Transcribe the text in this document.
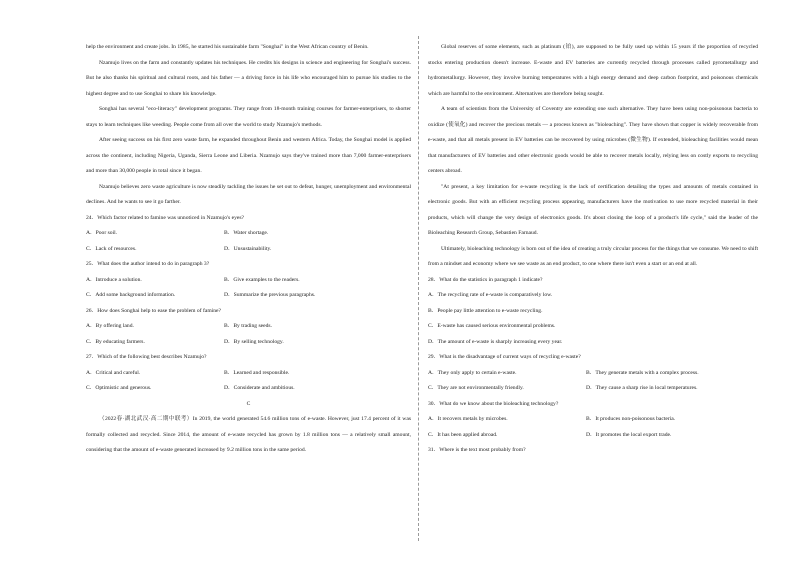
help the environment and create jobs. In 1985, he started his sustainable farm "Songhai" in the West African country of Benin.

Nzamujo lives on the farm and constantly updates his techniques. He credits his designs in science and engineering for Songhai's success. But he also thanks his spiritual and cultural roots, and his father — a driving force in his life who encouraged him to pursue his studies to the highest degree and to use Songhai to share his knowledge.

Songhai has several "eco-literacy" development programs. They range from 18-month training courses for farmer-enterprisers, to shorter stays to learn techniques like weeding. People come from all over the world to study Nzamujo's methods.

After seeing success on his first zero waste farm, he expanded throughout Benin and western Africa. Today, the Songhai model is applied across the continent, including Nigeria, Uganda, Sierra Leone and Liberia. Nzamujo says they've trained more than 7,000 farmer-enterprisers and more than 30,000 people in total since it began.

Nzamujo believes zero waste agriculture is now steadily tackling the issues he set out to defeat, hunger, unemployment and environmental declines. And he wants to see it go farther.

24．Which factor related to famine was unnoticed in Nzamujo's eyes?

A．Poor soil.	B．Water shortage.
C．Lack of resources.	D．Unsustainability.

25．What does the author intend to do in paragraph 3?

A．Introduce a solution.	B．Give examples to the readers.
C．Add some background information.	D．Summarize the previous paragraphs.

26．How does Songhai help to ease the problem of famine?

A．By offering land.	B．By trading seeds.
C．By educating farmers.	D．By selling technology.

27．Which of the following best describes Nzamujo?

A．Critical and careful.	B．Learned and responsible.
C．Optimistic and generous.	D．Considerate and ambitious.

C

（2022春·湖北武汉·高二期中联考）In 2019, the world generated 54.6 million tons of e-waste. However, just 17.4 percent of it was formally collected and recycled. Since 2014, the amount of e-waste recycled has grown by 1.8 million tons — a relatively small amount, considering that the amount of e-waste generated increased by 9.2 million tons in the same period.

Global reserves of some elements, such as platinum (铂), are supposed to be fully used up within 15 years if the proportion of recycled stocks entering production doesn't increase. E-waste and EV batteries are currently recycled through processes called pyrometallurgy and hydrometallurgy. However, they involve burning temperatures with a high energy demand and deep carbon footprint, and poisonous chemicals which are harmful to the environment. Alternatives are therefore being sought.

A team of scientists from the University of Coventry are extending one such alternative. They have been using non-poisonous bacteria to oxidize (使氧化) and recover the precious metals — a process known as "bioleaching". They have shown that copper is widely recoverable from e-waste, and that all metals present in EV batteries can be recovered by using microbes (微生物). If extended, bioleaching facilities would mean that manufacturers of EV batteries and other electronic goods would be able to recover metals locally, relying less on costly exports to recycling centers abroad.

"At present, a key limitation for e-waste recycling is the lack of certification detailing the types and amounts of metals contained in electronic goods. But with an efficient recycling process appearing, manufacturers have the motivation to use more recycled material in their products, which will change the very design of electronics goods. It's about closing the loop of a product's life cycle," said the leader of the Bioleaching Research Group, Sebastien Farnaud.

Ultimately, bioleaching technology is born out of the idea of creating a truly circular process for the things that we consume. We need to shift from a mindset and economy where we see waste as an end product, to one where there isn't even a start or an end at all.

28．What do the statistics in paragraph 1 indicate?

A．The recycling rate of e-waste is comparatively low.

B．People pay little attention to e-waste recycling.

C．E-waste has caused serious environmental problems.

D．The amount of e-waste is sharply increasing every year.

29．What is the disadvantage of current ways of recycling e-waste?

A．They only apply to certain e-waste.	B．They generate metals with a complex process.
C．They are not environmentally friendly.	D．They cause a sharp rise in local temperatures.

30．What do we know about the bioleaching technology?

A．It recovers metals by microbes.	B．It produces non-poisonous bacteria.
C．It has been applied abroad.	D．It promotes the local export trade.

31．Where is the text most probably from?
